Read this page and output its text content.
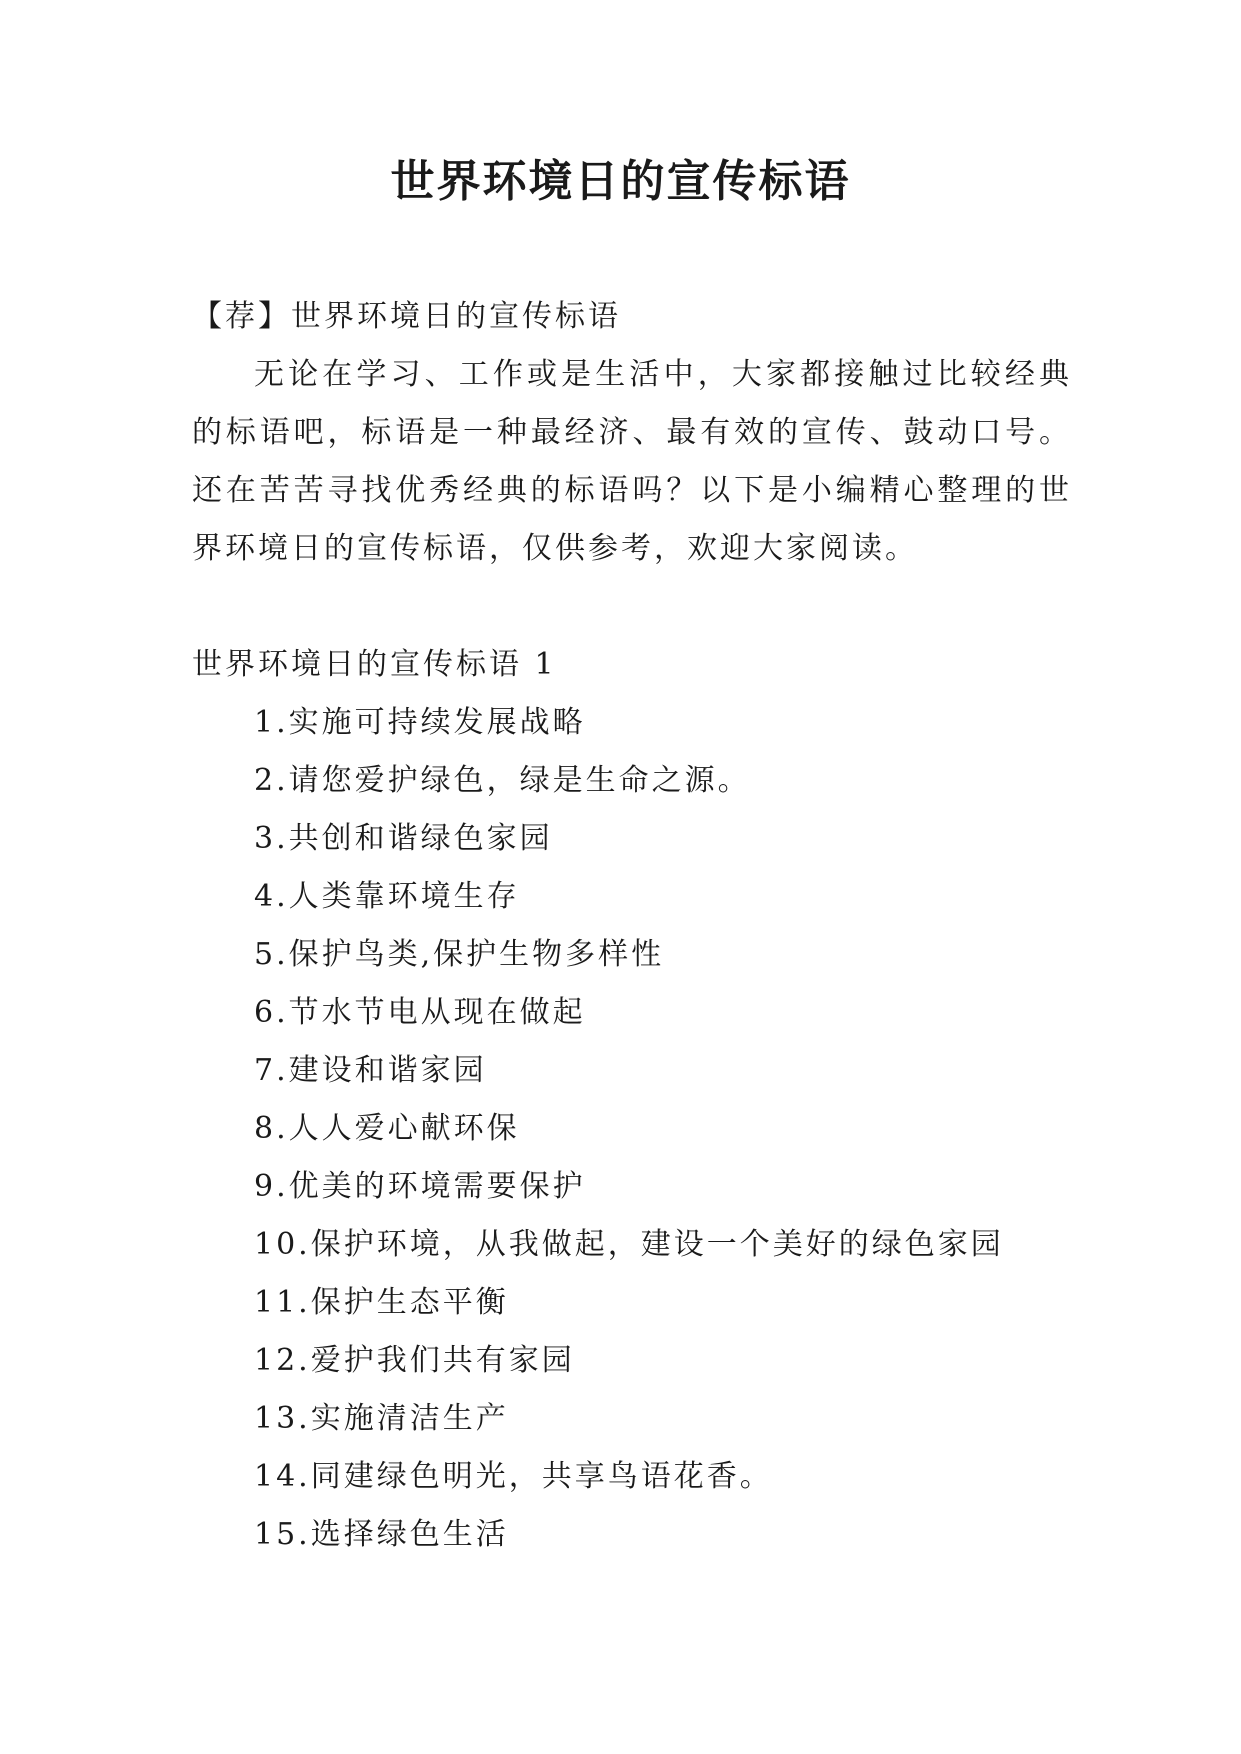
世界环境日的宣传标语
【荐】世界环境日的宣传标语

无论在学习、工作或是生活中，大家都接触过比较经典的标语吧，标语是一种最经济、最有效的宣传、鼓动口号。还在苦苦寻找优秀经典的标语吗？以下是小编精心整理的世界环境日的宣传标语，仅供参考，欢迎大家阅读。

世界环境日的宣传标语 1
1.实施可持续发展战略
2.请您爱护绿色，绿是生命之源。
3.共创和谐绿色家园
4.人类靠环境生存
5.保护鸟类,保护生物多样性
6.节水节电从现在做起
7.建设和谐家园
8.人人爱心献环保
9.优美的环境需要保护
10.保护环境，从我做起，建设一个美好的绿色家园
11.保护生态平衡
12.爱护我们共有家园
13.实施清洁生产
14.同建绿色明光，共享鸟语花香。
15.选择绿色生活
